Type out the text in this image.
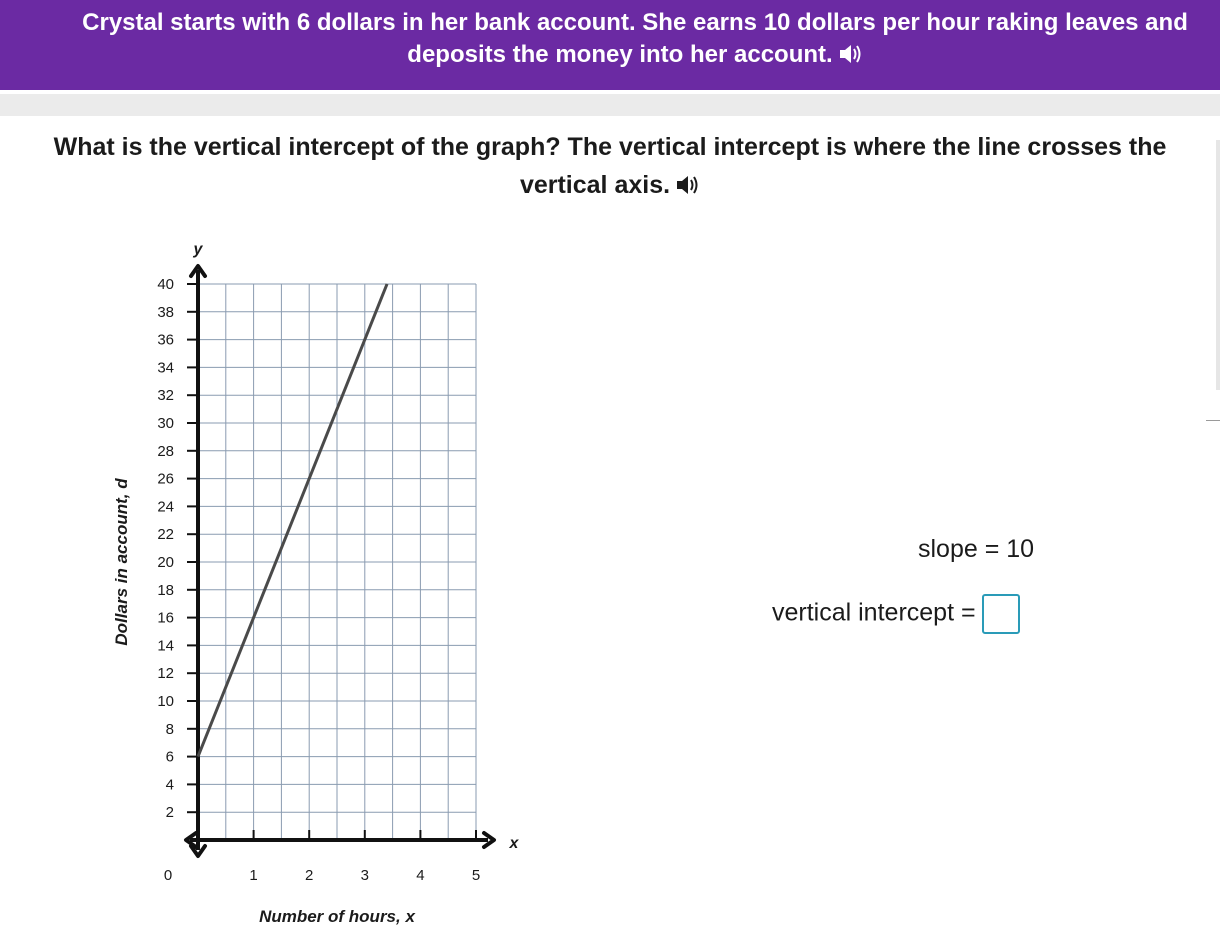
Crystal starts with 6 dollars in her bank account. She earns 10 dollars per hour raking leaves and deposits the money into her account.
What is the vertical intercept of the graph? The vertical intercept is where the line crosses the vertical axis.
2
4
6
8
10
12
14
16
18
20
22
24
26
28
30
32
34
36
38
40
1	2	3	4	5
Number of hours, x
Dollars in account, d
y
x
0
slope = 10
vertical intercept =
